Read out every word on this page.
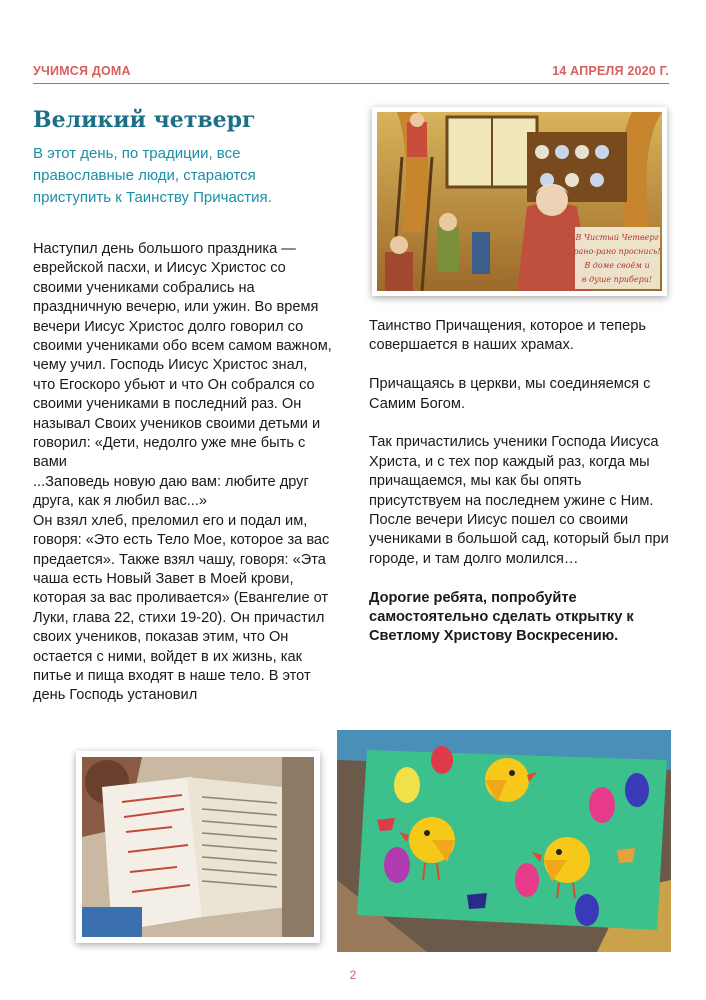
УЧИМСЯ ДОМА	14 АПРЕЛЯ 2020 Г.
Великий четверг
В этот день, по традиции, все православные люди, стараются приступить к Таинству Причастия.

Наступил день большого праздника — еврейской пасхи, и Иисус Христос со своими учениками собрались на праздничную вечерю, или ужин. Во время вечери Иисус Христос долго говорил со своими учениками обо всем самом важном, чему учил. Господь Иисус Христос знал, что Егоскоро убьют и что Он собрался со своими учениками в последний раз. Он называл Своих учеников своими детьми и говорил: «Дети, недолго уже мне быть с вами
...Заповедь новую даю вам: любите друг друга, как я любил вас...»
Он взял хлеб, преломил его и подал им, говоря: «Это есть Тело Мое, которое за вас предается». Также взял чашу, говоря: «Эта чаша есть Новый Завет в Моей крови, которая за вас проливается» (Евангелие от Луки, глава 22, стихи 19-20). Он причастил своих учеников, показав этим, что Он остается с ними, войдет в их жизнь, как питье и пища входят в наше тело. В этот день Господь установил

В Чистый Четверг
рано-рано проснись!
В доме своём и
в душе прибери!

Таинство Причащения, которое и теперь совершается в наших храмах.

Причащаясь в церкви, мы соединяемся с Самим Богом.

Так причастились ученики Господа Иисуса Христа, и с тех пор каждый раз, когда мы причащаемся, мы как бы опять присутствуем на последнем ужине с Ним.

После вечери Иисус пошел со своими учениками в большой сад, который был при городе, и там долго молился…

Дорогие ребята, попробуйте самостоятельно сделать открытку к Светлому Христову Воскресению.

2
